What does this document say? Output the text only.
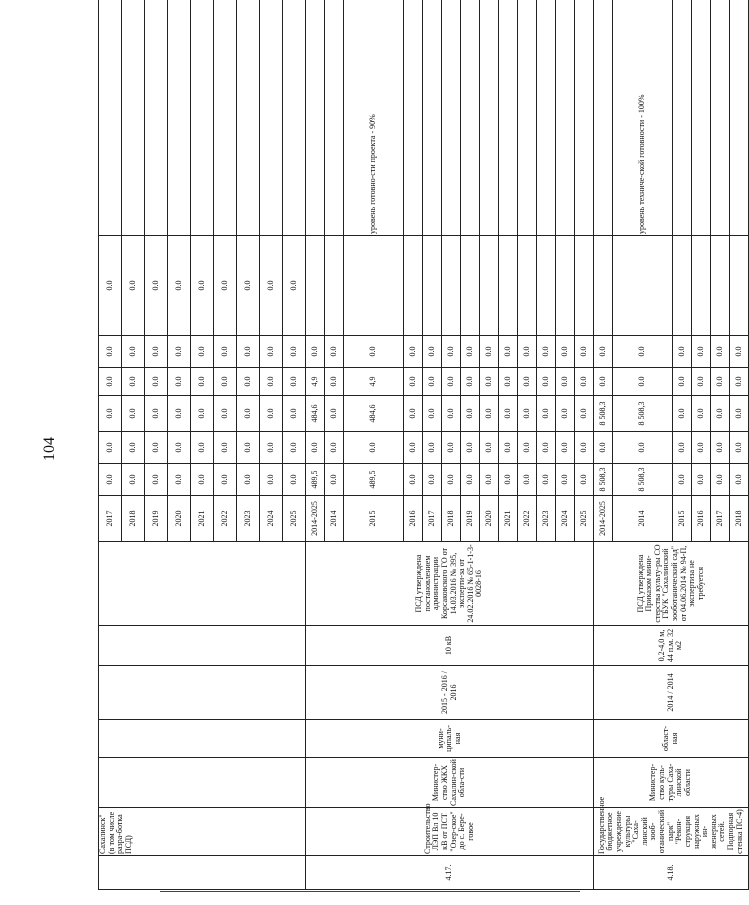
104
	Сахалинск"(в том числе разра-ботка ПСД)						2017	0.0	0.0	0.0	0.0	0.0	0.0	
							2018	0.0	0.0	0.0	0.0	0.0	0.0	
							2019	0.0	0.0	0.0	0.0	0.0	0.0	
							2020	0.0	0.0	0.0	0.0	0.0	0.0	
							2021	0.0	0.0	0.0	0.0	0.0	0.0	
							2022	0.0	0.0	0.0	0.0	0.0	0.0	
							2023	0.0	0.0	0.0	0.0	0.0	0.0	
							2024	0.0	0.0	0.0	0.0	0.0	0.0	
							2025	0.0	0.0	0.0	0.0	0.0	0.0	
4.17.	Строительство ЛЭП Вл 10 кВ от ПСТ "Озер-ское" до с. Бере-говое	Министер-ство ЖКХ Сахалин-ской обла-сти	муни-ципаль-ная	2015 - 2016 / 2016	10 кВ	ПСД утверждена постановлением администрации Корсаковского ГО от 14.03.2016 № 395, эксперти-за от 24.02.2016 № 65-1-1-3-0028-16	2014-2025	489,5	0.0	484,6	4,9	0.0		
							2014	0.0	0.0	0.0	0.0	0.0		
							2015	489,5	0.0	484,6	4,9	0.0		уровень готовно-сти проекта - 90%
							2016	0.0	0.0	0.0	0.0	0.0		
							2017	0.0	0.0	0.0	0.0	0.0		
							2018	0.0	0.0	0.0	0.0	0.0		
							2019	0.0	0.0	0.0	0.0	0.0		
							2020	0.0	0.0	0.0	0.0	0.0		
							2021	0.0	0.0	0.0	0.0	0.0		
							2022	0.0	0.0	0.0	0.0	0.0		
							2023	0.0	0.0	0.0	0.0	0.0		
							2024	0.0	0.0	0.0	0.0	0.0		
							2025	0.0	0.0	0.0	0.0	0.0		
4.18.	Государственное бюджетное учреждение культуры "Саха-линский зооб-отанический парк" "Рекон-струкция наружных ин-женерных сетей. Подпорная стенка ПС-4)	Министер-ство куль-туры Саха-линской области	област-ная	2014 / 2014	0,2-4,0 м, 44 п.м. 32 м2	ПСД утверждена Приказом мини-стерства культу-ры СО ГБУК "Сахалинский зооботанический сад" от 04.06.2014 № 94-П, экспертиза не требуется	2014-2025	8 508,3	0.0	8 508,3	0.0	0.0		
							2014	8 508,3	0.0	8 508,3	0.0	0.0		уровень техниче-ской готовности - 100%
							2015	0.0	0.0	0.0	0.0	0.0		
							2016	0.0	0.0	0.0	0.0	0.0		
							2017	0.0	0.0	0.0	0.0	0.0		
							2018	0.0	0.0	0.0	0.0	0.0		
